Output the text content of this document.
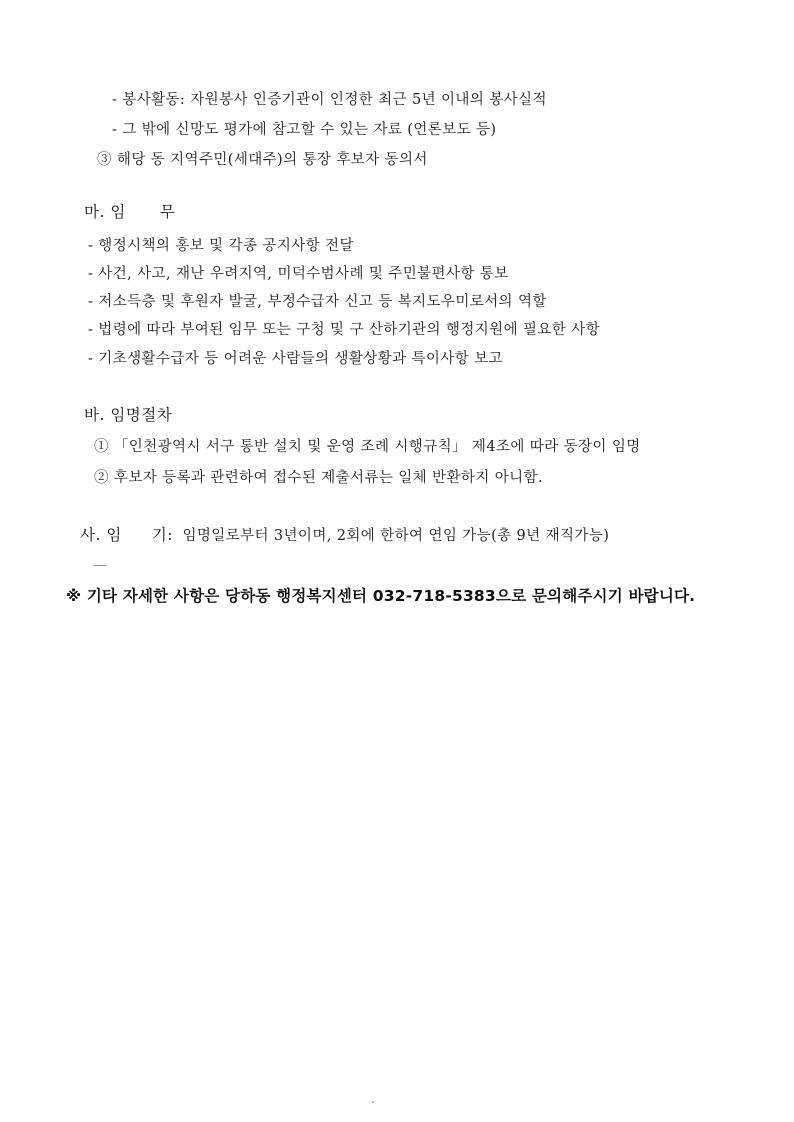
- 봉사활동: 자원봉사 인증기관이 인정한 최근 5년 이내의 봉사실적
- 그 밖에 신망도 평가에 참고할 수 있는 자료 (언론보도 등)
③ 해당 동 지역주민(세대주)의 통장 후보자 동의서
마. 임 무
- 행정시책의 홍보 및 각종 공지사항 전달
- 사건, 사고, 재난 우려지역, 미덕수범사례 및 주민불편사항 통보
- 저소득층 및 후원자 발굴, 부정수급자 신고 등 복지도우미로서의 역할
- 법령에 따라 부여된 임무 또는 구청 및 구 산하기관의 행정지원에 필요한 사항
- 기초생활수급자 등 어려운 사람들의 생활상황과 특이사항 보고
바. 임명절차
① 「인천광역시 서구 통반 설치 및 운영 조례 시행규칙」 제4조에 따라 동장이 임명
② 후보자 등록과 관련하여 접수된 제출서류는 일체 반환하지 아니함.
사. 임 기: 임명일로부터 3년이며, 2회에 한하여 연임 가능(총 9년 재직가능)
※ 기타 자세한 사항은 당하동 행정복지센터 032-718-5383으로 문의해주시기 바랍니다.
